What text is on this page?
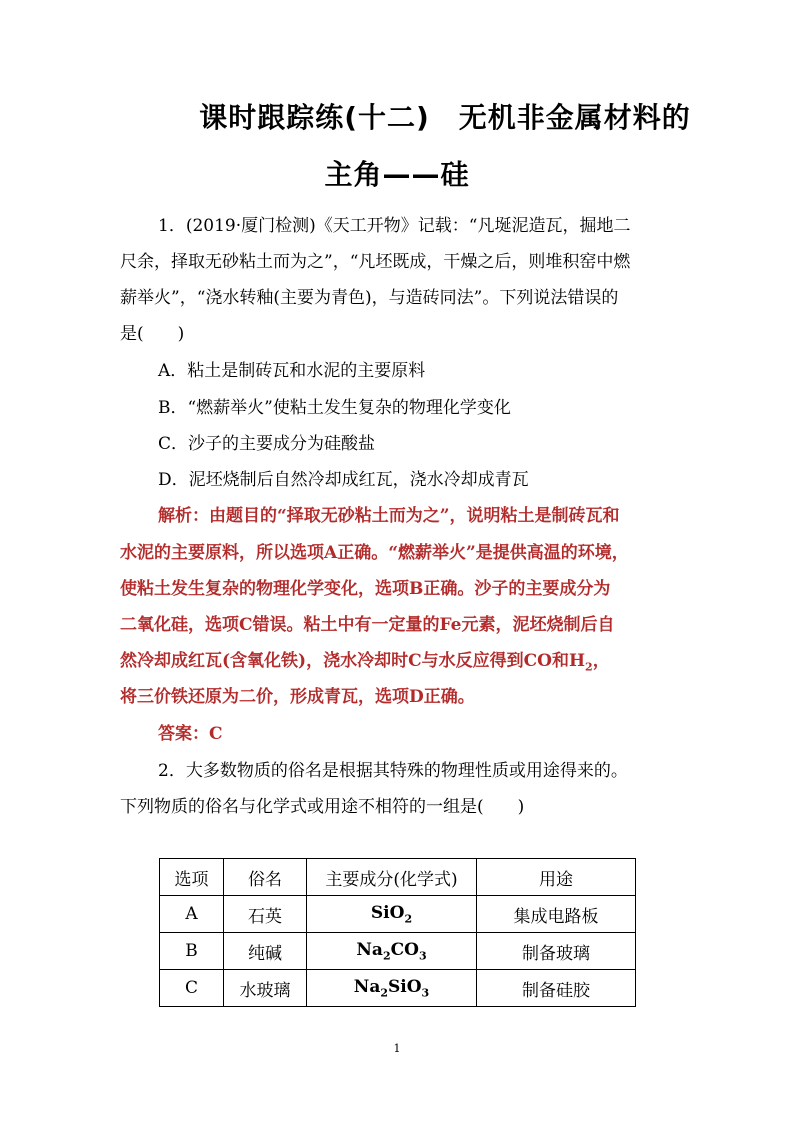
课时跟踪练(十二)　无机非金属材料的
主角——硅
1．(2019·厦门检测)《天工开物》记载：“凡埏泥造瓦，掘地二
尺余，择取无砂粘土而为之”，“凡坯既成，干燥之后，则堆积窑中燃
薪举火”，“浇水转釉(主要为青色)，与造砖同法”。下列说法错误的
是(　　)
A．粘土是制砖瓦和水泥的主要原料
B．“燃薪举火”使粘土发生复杂的物理化学变化
C．沙子的主要成分为硅酸盐
D．泥坯烧制后自然冷却成红瓦，浇水冷却成青瓦
解析：由题目的“择取无砂粘土而为之”，说明粘土是制砖瓦和
水泥的主要原料，所以选项A正确。“燃薪举火”是提供高温的环境，
使粘土发生复杂的物理化学变化，选项B正确。沙子的主要成分为
二氧化硅，选项C错误。粘土中有一定量的Fe元素，泥坯烧制后自
然冷却成红瓦(含氧化铁)，浇水冷却时C与水反应得到CO和$H_2$，
将三价铁还原为二价，形成青瓦，选项D正确。
答案：C
2．大多数物质的俗名是根据其特殊的物理性质或用途得来的。
下列物质的俗名与化学式或用途不相符的一组是(　　)
选项	俗名	主要成分(化学式)	用途
A	石英	SiO$_2$	集成电路板
B	纯碱	$Na_2CO_3$	制备玻璃
C	水玻璃	$Na_2SiO_3$	制备硅胶
1
